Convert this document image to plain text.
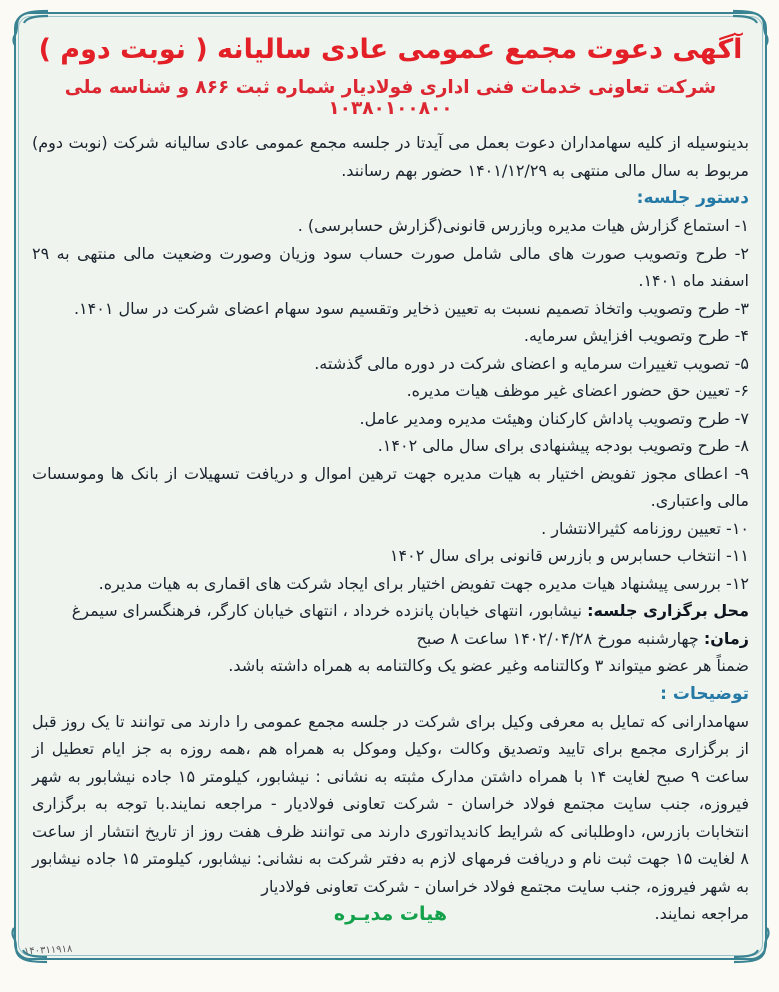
آگهی دعوت مجمع عمومی عادی سالیانه ( نوبت دوم )
شرکت تعاونی خدمات فنی اداری فولادیار شماره ثبت ۸۶۶ و شناسه ملی ۱۰۳۸۰۱۰۰۸۰۰

بدینوسیله از کلیه سهامداران دعوت بعمل می آیدتا در جلسه مجمع عمومی عادی سالیانه شرکت (نوبت دوم) مربوط به سال مالی منتهی به ۱۴۰۱/۱۲/۲۹ حضور بهم رسانند.

دستور جلسه:
۱- استماع گزارش هیات مدیره وبازرس قانونی(گزارش حسابرسی) .
۲- طرح وتصویب صورت های مالی شامل صورت حساب سود وزیان وصورت وضعیت مالی منتهی به ۲۹ اسفند ماه ۱۴۰۱.
۳- طرح وتصویب واتخاذ تصمیم نسبت به تعیین ذخایر وتقسیم سود سهام اعضای شرکت در سال ۱۴۰۱.
۴- طرح وتصویب افزایش سرمایه.
۵- تصویب تغییرات سرمایه و اعضای شرکت در دوره مالی گذشته.
۶- تعیین حق حضور اعضای غیر موظف هیات مدیره.
۷- طرح وتصویب پاداش کارکنان وهیئت مدیره ومدیر عامل.
۸- طرح وتصویب بودجه پیشنهادی برای سال مالی ۱۴۰۲.
۹- اعطای مجوز تفویض اختیار به هیات مدیره جهت ترهین اموال و دریافت تسهیلات از بانک ها وموسسات مالی واعتباری.
۱۰- تعیین روزنامه کثیرالانتشار .
۱۱- انتخاب حسابرس و بازرس قانونی برای سال ۱۴۰۲
۱۲- بررسی پیشنهاد هیات مدیره جهت تفویض اختیار برای ایجاد شرکت های اقماری به هیات مدیره.
محل برگزاری جلسه: نیشابور، انتهای خیابان پانزده خرداد ، انتهای خیابان کارگر، فرهنگسرای سیمرغ
زمان: چهارشنبه مورخ ۱۴۰۲/۰۴/۲۸ ساعت ۸ صبح
ضمناً هر عضو میتواند ۳ وکالتنامه وغیر عضو یک وکالتنامه به همراه داشته باشد.
توضیحات :

سهامدارانی که تمایل به معرفی وکیل برای شرکت در جلسه مجمع عمومی را دارند می توانند تا یک روز قبل از برگزاری مجمع برای تایید وتصدیق وکالت ،وکیل وموکل به همراه هم ،همه روزه به جز ایام تعطیل از ساعت ۹ صبح لغایت ۱۴ با همراه داشتن مدارک مثبته به نشانی : نیشابور، کیلومتر ۱۵ جاده نیشابور به شهر فیروزه، جنب سایت مجتمع فولاد خراسان - شرکت تعاونی فولادیار - مراجعه نمایند.با توجه به برگزاری انتخابات بازرس، داوطلبانی که شرایط کاندیداتوری دارند می توانند ظرف هفت روز از تاریخ انتشار از ساعت ۸ لغایت ۱۵ جهت ثبت نام و دریافت فرمهای لازم به دفتر شرکت به نشانی: نیشابور، کیلومتر ۱۵ جاده نیشابور به شهر فیروزه، جنب سایت مجتمع فولاد خراسان - شرکت تعاونی فولادیار

مراجعه نمایند.
هیات مدیـره
۱۴۰۳۱۱۹۱۸
